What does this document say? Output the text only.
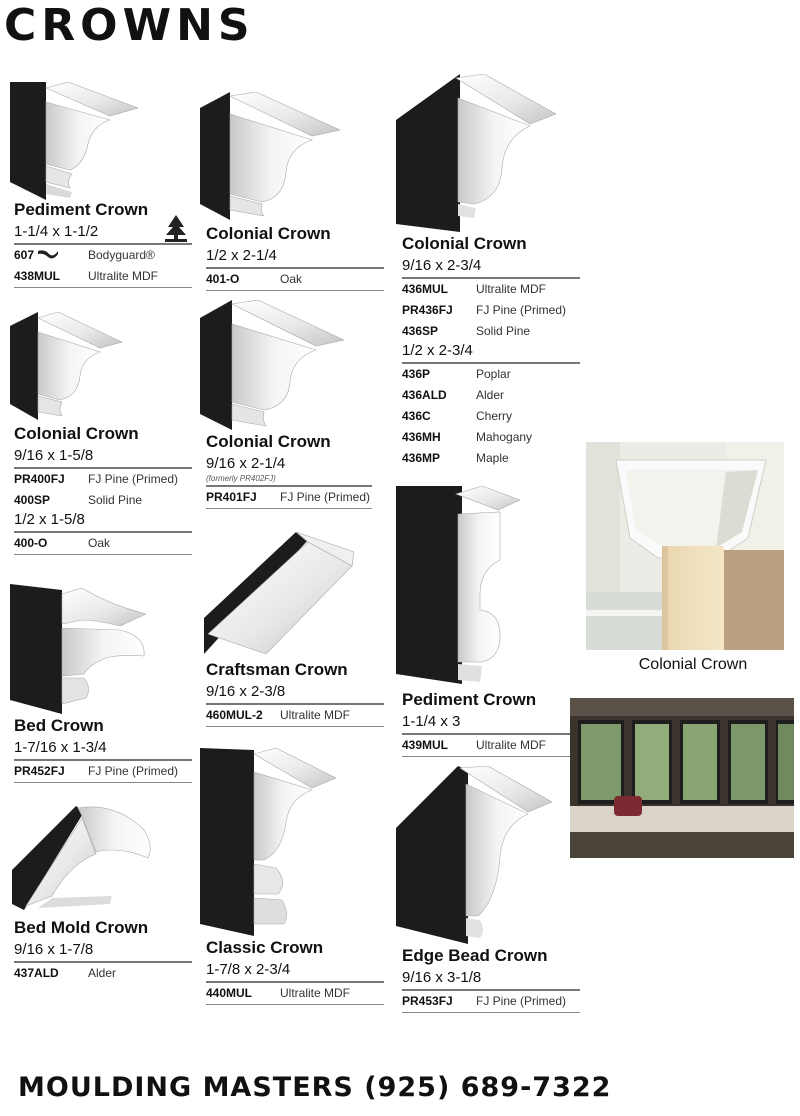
CROWNS
Pediment Crown
1-1/4 x 1-1/2
607	Bodyguard®
438MUL	Ultralite MDF
Colonial Crown
1/2 x 2-1/4
401-O	Oak
Colonial Crown
9/16 x 2-3/4
436MUL	Ultralite MDF
PR436FJ	FJ Pine (Primed)
436SP	Solid Pine
1/2 x 2-3/4
436P	Poplar
436ALD	Alder
436C	Cherry
436MH	Mahogany
436MP	Maple
Colonial Crown
9/16 x 1-5/8
PR400FJ	FJ Pine (Primed)
400SP	Solid Pine
1/2 x 1-5/8
400-O	Oak
Colonial Crown
9/16 x 2-1/4
(formerly PR402FJ)
PR401FJ	FJ Pine (Primed)
Craftsman Crown
9/16 x 2-3/8
460MUL-2	Ultralite MDF
Pediment Crown
1-1/4 x 3
439MUL	Ultralite MDF
Bed Crown
1-7/16 x 1-3/4
PR452FJ	FJ Pine (Primed)
Bed Mold Crown
9/16 x 1-7/8
437ALD	Alder
Classic Crown
1-7/8 x 2-3/4
440MUL	Ultralite MDF
Edge Bead Crown
9/16 x 3-1/8
PR453FJ	FJ Pine (Primed)
Colonial Crown
MOULDING MASTERS (925) 689-7322
